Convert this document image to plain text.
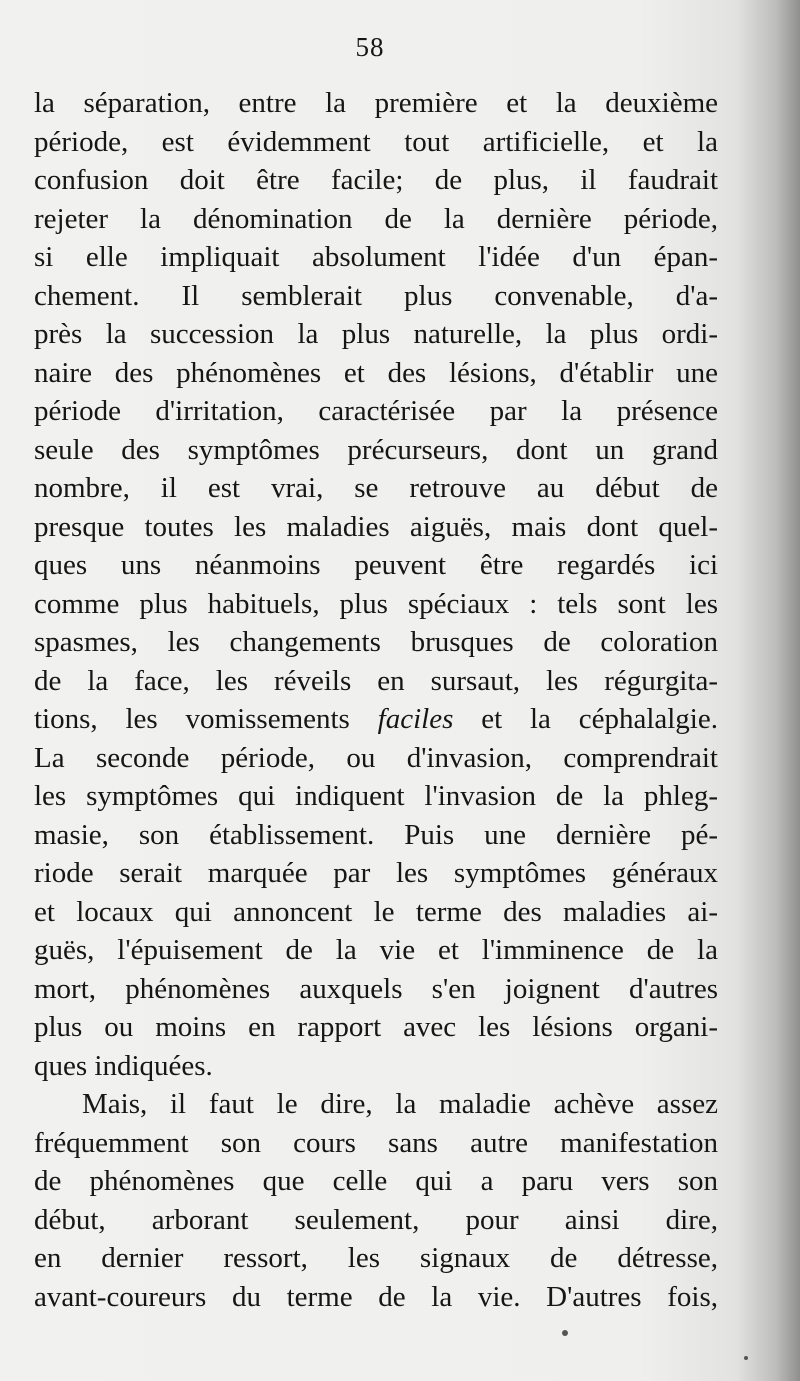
58
la séparation, entre la première et la deuxième
période, est évidemment tout artificielle, et la
confusion doit être facile; de plus, il faudrait
rejeter la dénomination de la dernière période,
si elle impliquait absolument l'idée d'un épan-
chement. Il semblerait plus convenable, d'a-
près la succession la plus naturelle, la plus ordi-
naire des phénomènes et des lésions, d'établir une
période d'irritation, caractérisée par la présence
seule des symptômes précurseurs, dont un grand
nombre, il est vrai, se retrouve au début de
presque toutes les maladies aiguës, mais dont quel-
ques uns néanmoins peuvent être regardés ici
comme plus habituels, plus spéciaux : tels sont les
spasmes, les changements brusques de coloration
de la face, les réveils en sursaut, les régurgita-
tions, les vomissements faciles et la céphalalgie.
La seconde période, ou d'invasion, comprendrait
les symptômes qui indiquent l'invasion de la phleg-
masie, son établissement. Puis une dernière pé-
riode serait marquée par les symptômes généraux
et locaux qui annoncent le terme des maladies ai-
guës, l'épuisement de la vie et l'imminence de la
mort, phénomènes auxquels s'en joignent d'autres
plus ou moins en rapport avec les lésions organi-
ques indiquées.
Mais, il faut le dire, la maladie achève assez
fréquemment son cours sans autre manifestation
de phénomènes que celle qui a paru vers son
début, arborant seulement, pour ainsi dire,
en dernier ressort, les signaux de détresse,
avant-coureurs du terme de la vie. D'autres fois,
